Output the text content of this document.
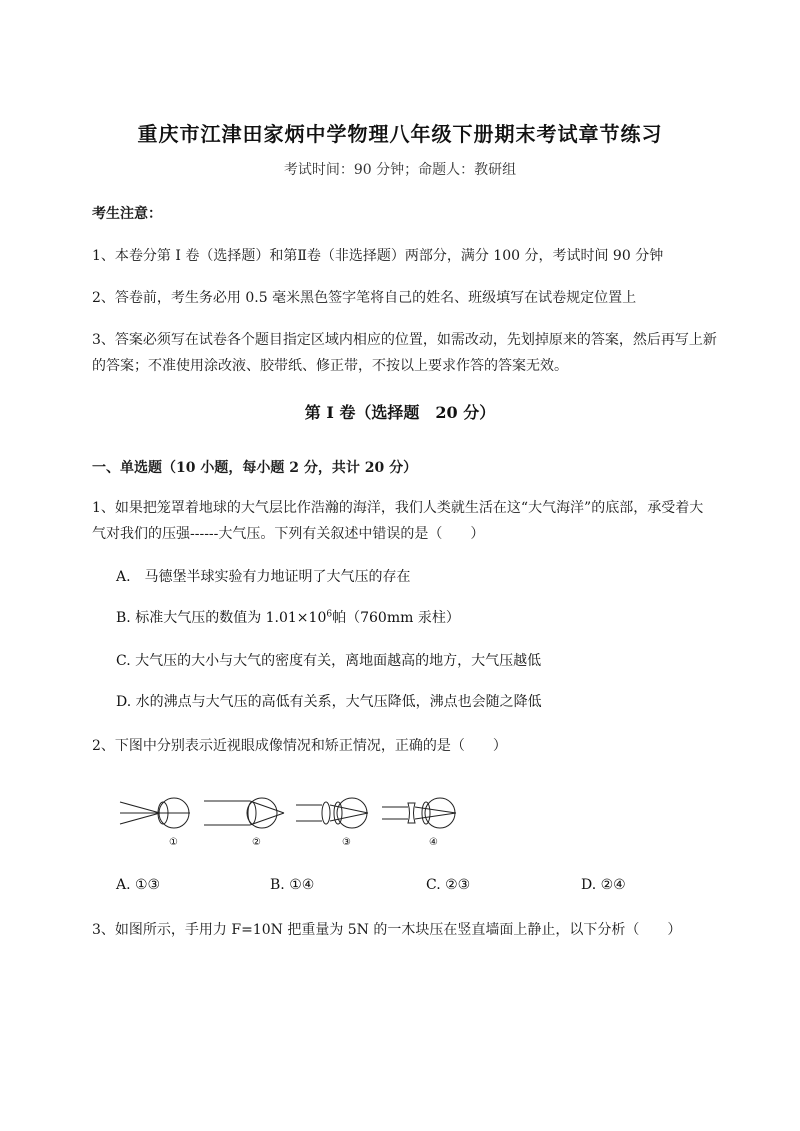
重庆市江津田家炳中学物理八年级下册期末考试章节练习
考试时间：90 分钟；命题人：教研组
考生注意：
1、本卷分第 I 卷（选择题）和第Ⅱ卷（非选择题）两部分，满分 100 分，考试时间 90 分钟
2、答卷前，考生务必用 0.5 毫米黑色签字笔将自己的姓名、班级填写在试卷规定位置上
3、答案必须写在试卷各个题目指定区域内相应的位置，如需改动，先划掉原来的答案，然后再写上新
的答案；不准使用涂改液、胶带纸、修正带，不按以上要求作答的答案无效。
第 I 卷（选择题　20 分）
一、单选题（10 小题，每小题 2 分，共计 20 分）
1、如果把笼罩着地球的大气层比作浩瀚的海洋，我们人类就生活在这“大气海洋”的底部，承受着大
气对我们的压强------大气压。下列有关叙述中错误的是（　　）
A.　马德堡半球实验有力地证明了大气压的存在
B. 标准大气压的数值为 $1.01\times 10^6$帕（760mm 汞柱）
C. 大气压的大小与大气的密度有关，离地面越高的地方，大气压越低
D. 水的沸点与大气压的高低有关系，大气压降低，沸点也会随之降低
2、下图中分别表示近视眼成像情况和矫正情况，正确的是（　　）
①	②	③	④
A. ①③	B. ①④	C. ②③	D. ②④
3、如图所示，手用力 F=10N 把重量为 5N 的一木块压在竖直墙面上静止，以下分析（　　）
